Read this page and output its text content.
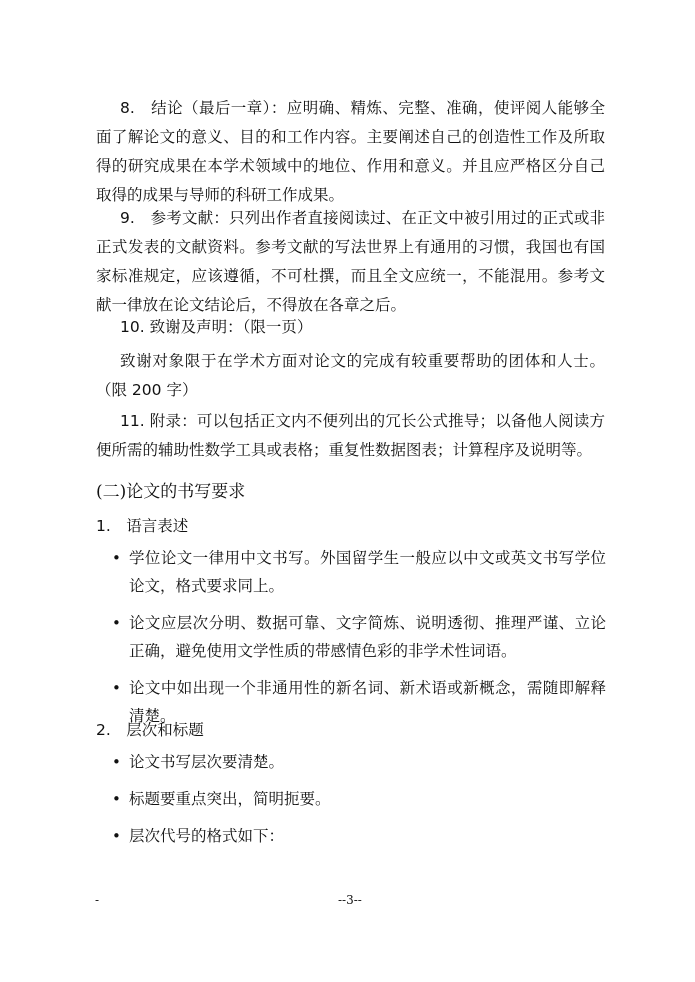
8.　结论（最后一章）：应明确、精炼、完整、准确，使评阅人能够全面了解论文的意义、目的和工作内容。主要阐述自己的创造性工作及所取得的研究成果在本学术领域中的地位、作用和意义。并且应严格区分自己取得的成果与导师的科研工作成果。

9.　参考文献：只列出作者直接阅读过、在正文中被引用过的正式或非正式发表的文献资料。参考文献的写法世界上有通用的习惯，我国也有国家标准规定，应该遵循，不可杜撰，而且全文应统一，不能混用。参考文献一律放在论文结论后，不得放在各章之后。

10. 致谢及声明：（限一页）

致谢对象限于在学术方面对论文的完成有较重要帮助的团体和人士。（限 200 字）

11. 附录：可以包括正文内不便列出的冗长公式推导；以备他人阅读方便所需的辅助性数学工具或表格；重复性数据图表；计算程序及说明等。

(二)论文的书写要求
1.　语言表述
• 学位论文一律用中文书写。外国留学生一般应以中文或英文书写学位论文，格式要求同上。
• 论文应层次分明、数据可靠、文字简炼、说明透彻、推理严谨、立论正确，避免使用文学性质的带感情色彩的非学术性词语。
• 论文中如出现一个非通用性的新名词、新术语或新概念，需随即解释清楚。
2.　层次和标题
• 论文书写层次要清楚。
• 标题要重点突出，简明扼要。
• 层次代号的格式如下：
-	--3--
